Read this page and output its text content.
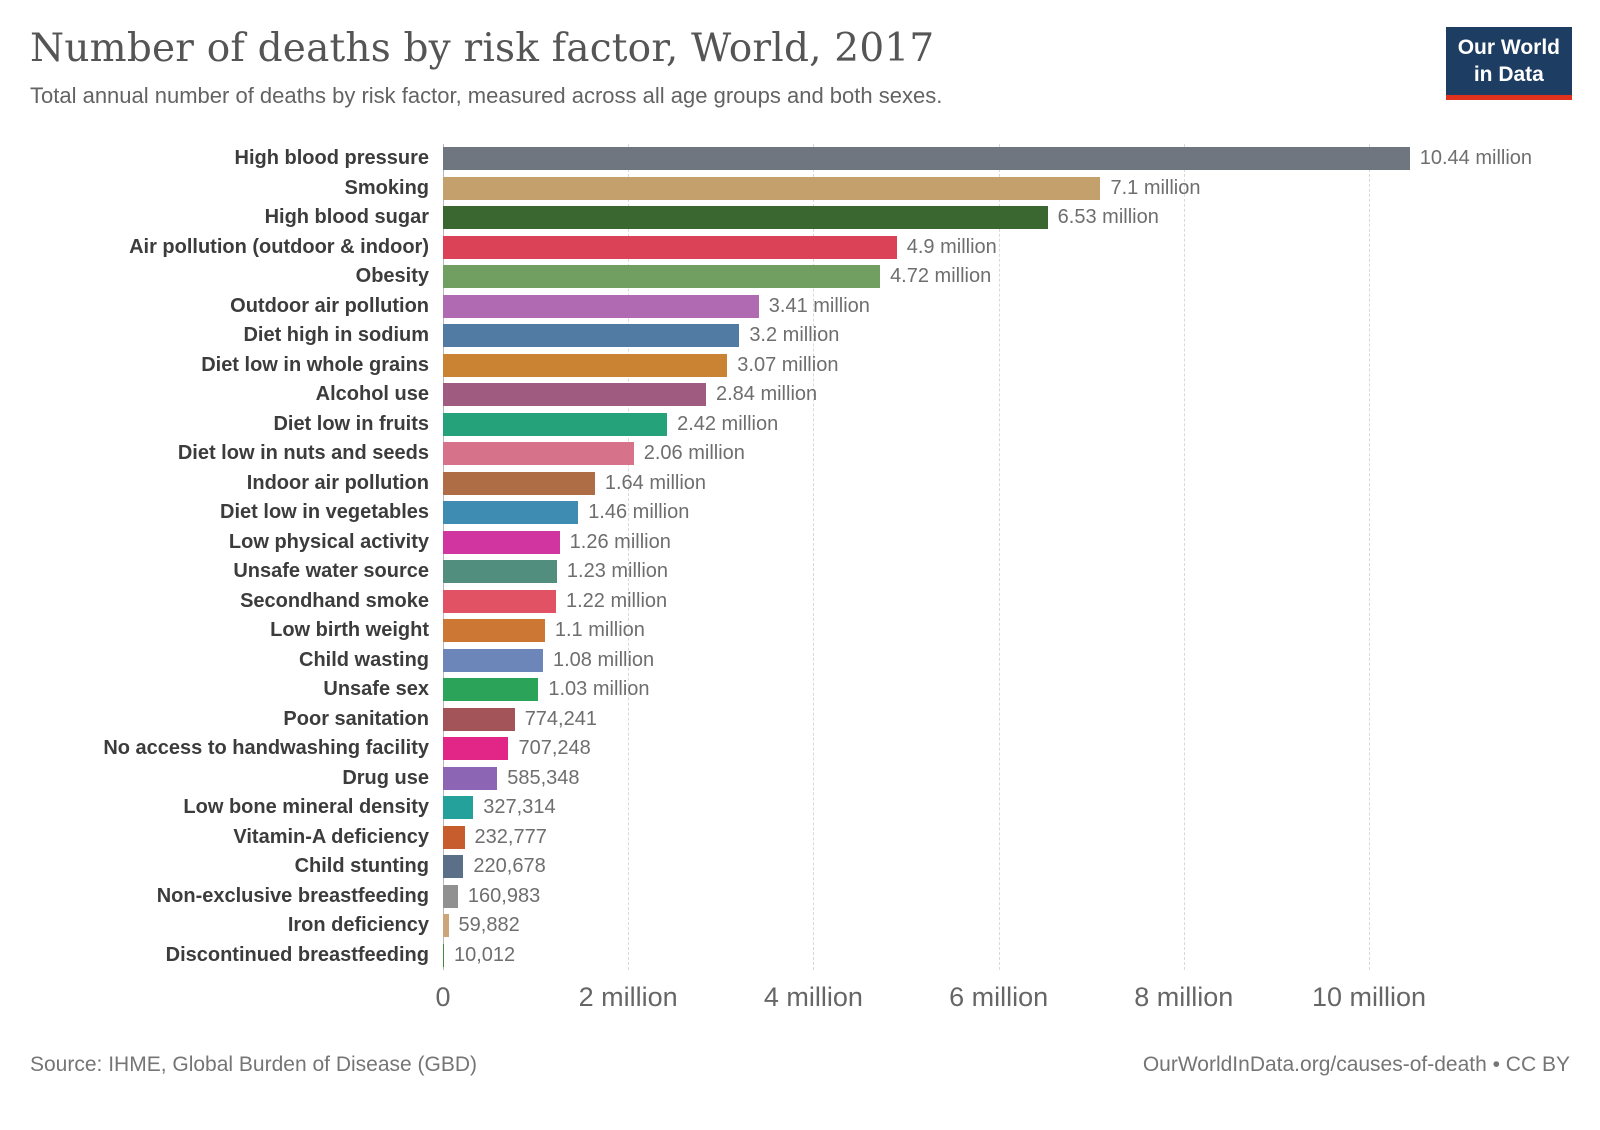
Number of deaths by risk factor, World, 2017
Total annual number of deaths by risk factor, measured across all age groups and both sexes.
Our World
in Data
High blood pressure
Smoking
High blood sugar
Air pollution (outdoor & indoor)
Obesity
Outdoor air pollution
Diet high in sodium
Diet low in whole grains
Alcohol use
Diet low in fruits
Diet low in nuts and seeds
Indoor air pollution
Diet low in vegetables
Low physical activity
Unsafe water source
Secondhand smoke
Low birth weight
Child wasting
Unsafe sex
Poor sanitation
No access to handwashing facility
Drug use
Low bone mineral density
Vitamin-A deficiency
Child stunting
Non-exclusive breastfeeding
Iron deficiency
Discontinued breastfeeding
10.44 million
7.1 million
6.53 million
4.9 million
4.72 million
3.41 million
3.2 million
3.07 million
2.84 million
2.42 million
2.06 million
1.64 million
1.46 million
1.26 million
1.23 million
1.22 million
1.1 million
1.08 million
1.03 million
774,241
707,248
585,348
327,314
232,777
220,678
160,983
59,882
10,012
0	2 million	4 million	6 million	8 million	10 million
Source: IHME, Global Burden of Disease (GBD)	OurWorldInData.org/causes-of-death • CC BY
